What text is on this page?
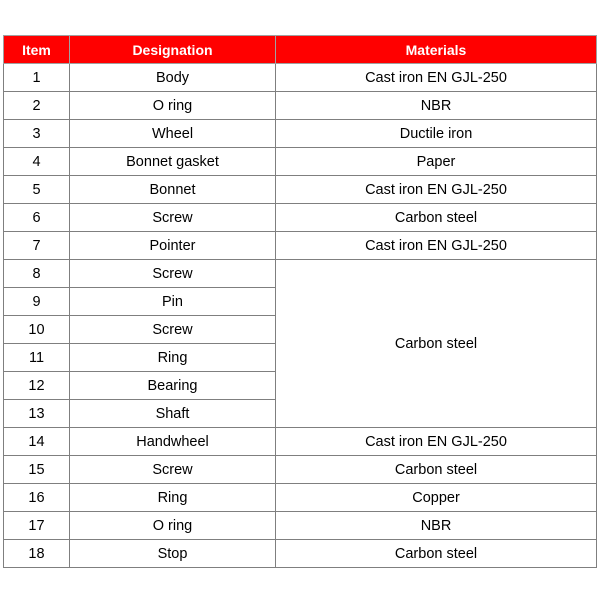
Item	Designation	Materials
1	Body	Cast iron EN GJL-250
2	O ring	NBR
3	Wheel	Ductile iron
4	Bonnet gasket	Paper
5	Bonnet	Cast iron EN GJL-250
6	Screw	Carbon steel
7	Pointer	Cast iron EN GJL-250
8	Screw	Carbon steel
9	Pin	
10	Screw	
11	Ring	
12	Bearing	
13	Shaft	
14	Handwheel	Cast iron EN GJL-250
15	Screw	Carbon steel
16	Ring	Copper
17	O ring	NBR
18	Stop	Carbon steel
